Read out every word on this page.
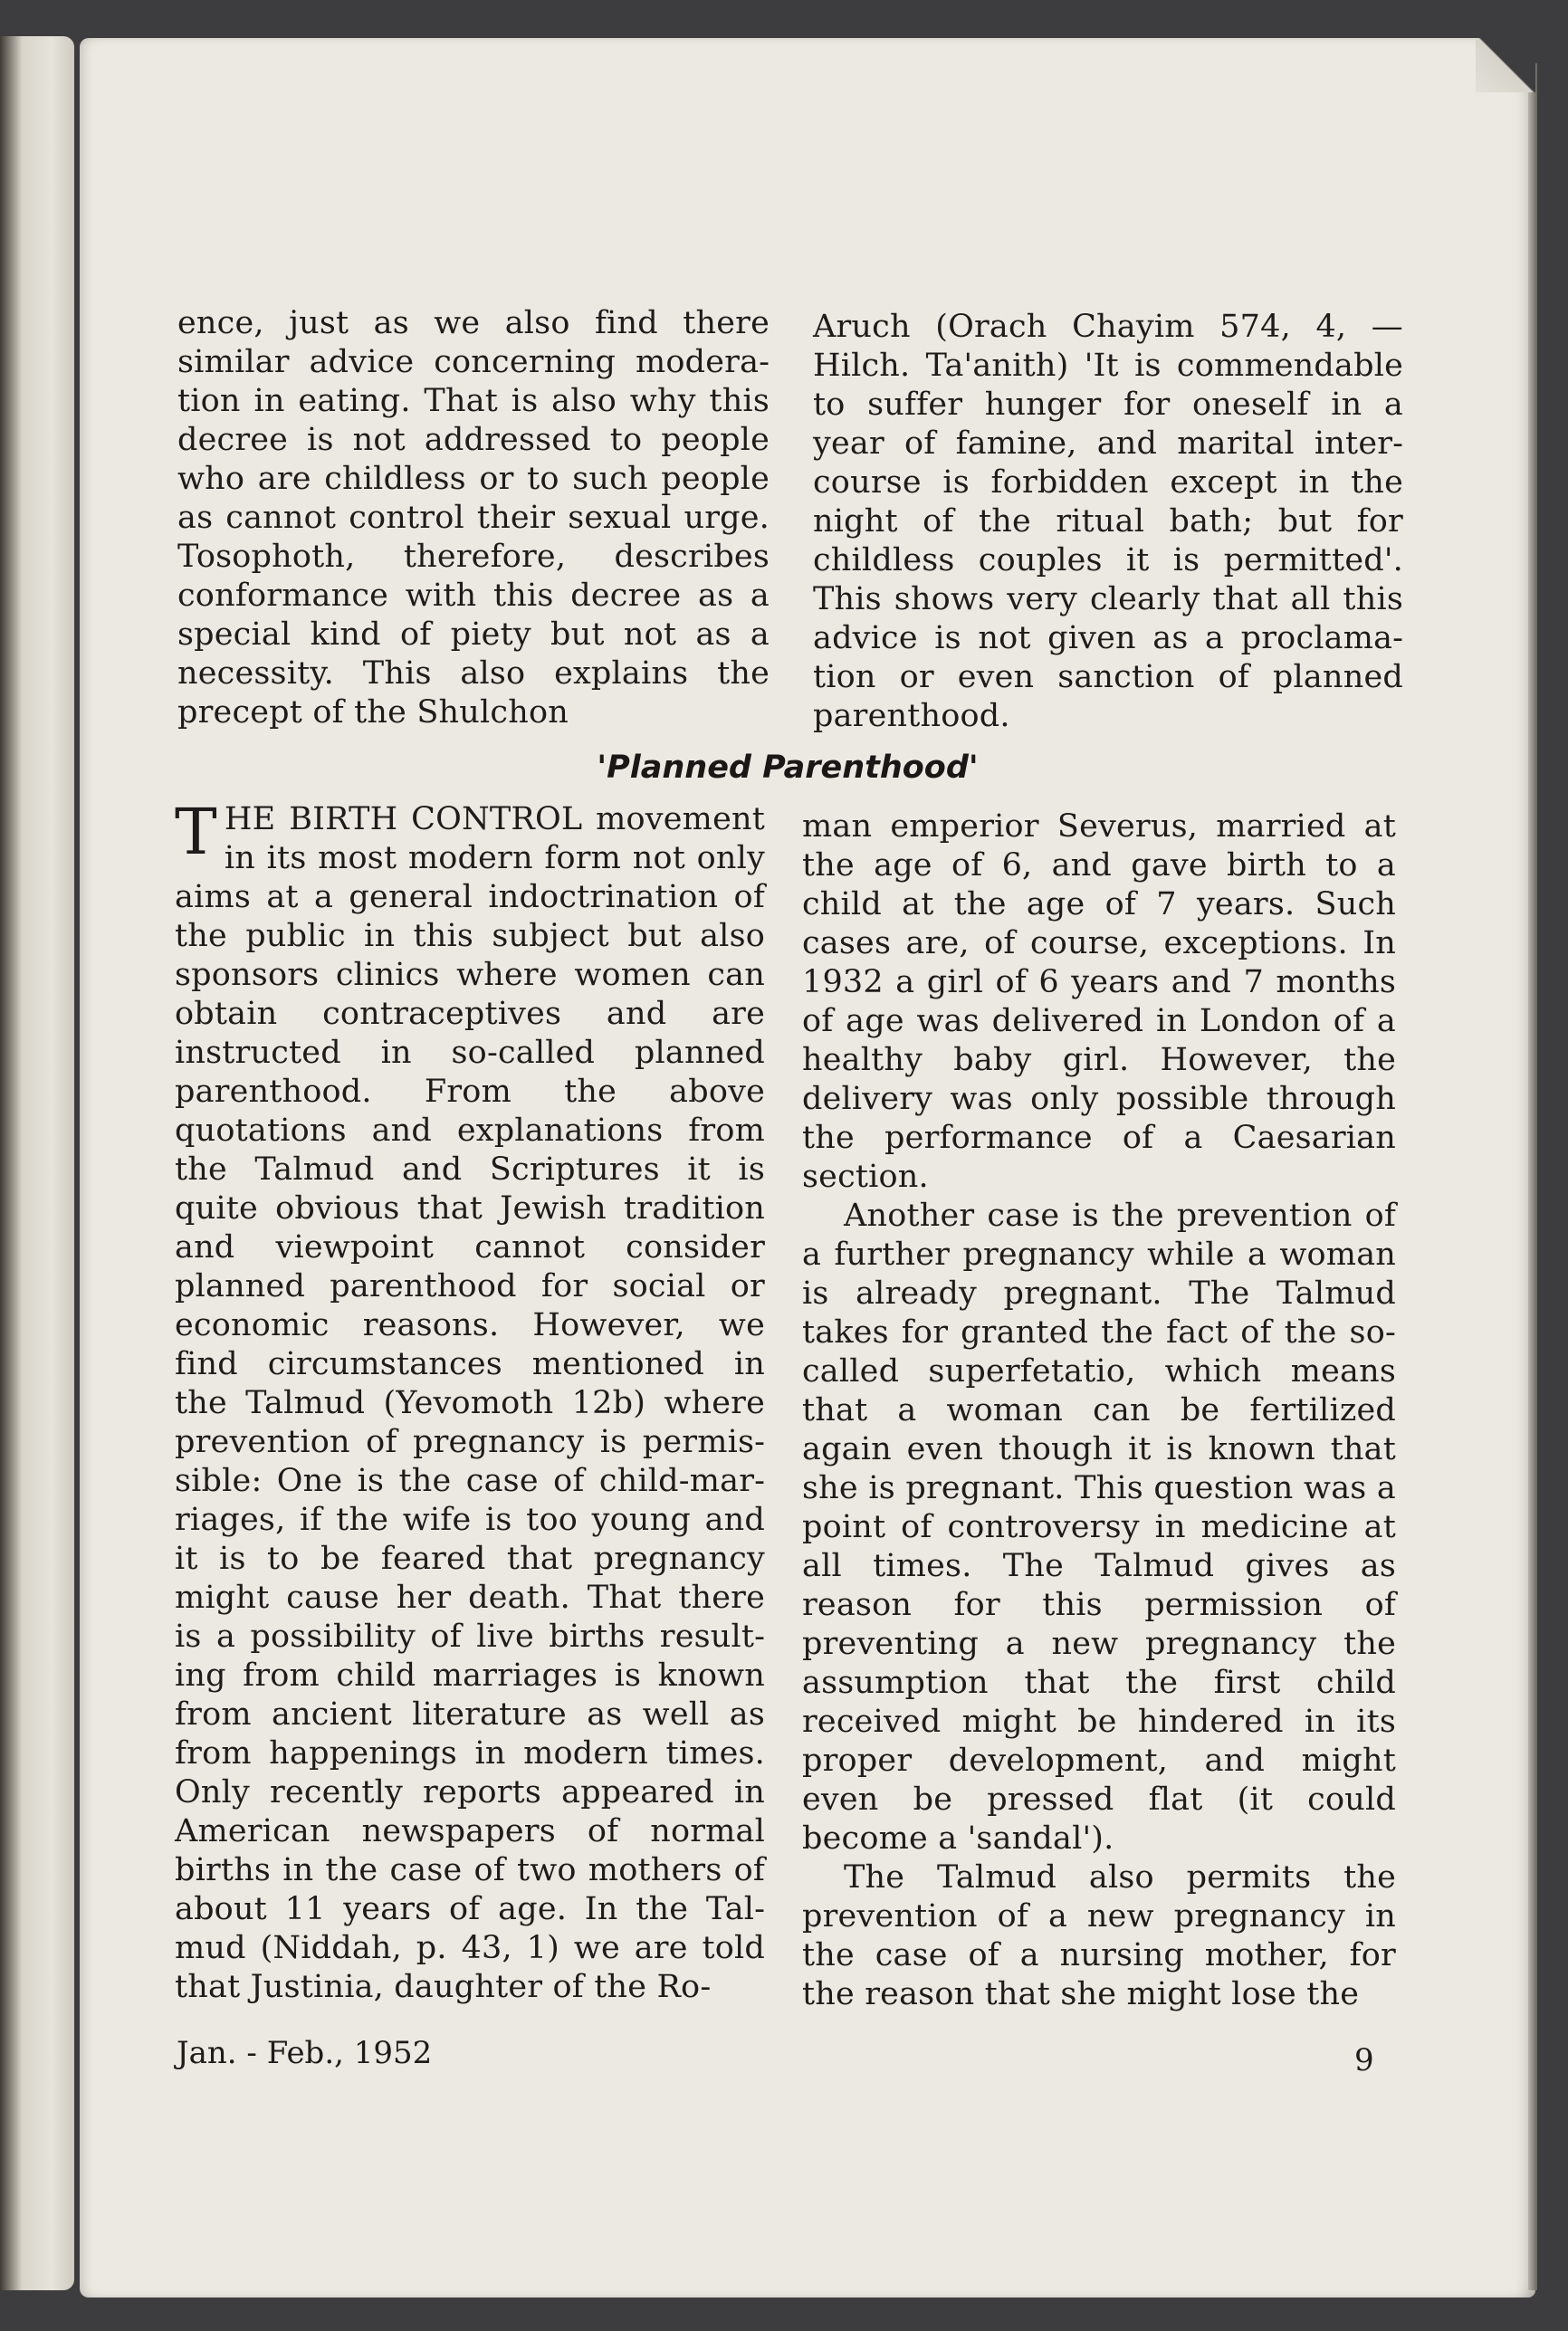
ence, just as we also find there similar advice concerning moderation in eating. That is also why this decree is not addressed to people who are childless or to such people as cannot control their sexual urge. Tosophoth, therefore, describes conformance with this decree as a special kind of piety but not as a necessity. This also explains the precept of the Shulchon

Aruch (Orach Chayim 574, 4, — Hilch. Ta'anith) 'It is commendable to suffer hunger for oneself in a year of famine, and marital intercourse is forbidden except in the night of the ritual bath; but for childless couples it is permitted'. This shows very clearly that all this advice is not given as a proclamation or even sanction of planned parenthood.

'Planned Parenthood'

THE BIRTH CONTROL movement in its most modern form not only aims at a general indoctrination of the public in this subject but also sponsors clinics where women can obtain contraceptives and are instructed in so-called planned parenthood. From the above quotations and explanations from the Talmud and Scriptures it is quite obvious that Jewish tradition and viewpoint cannot consider planned parenthood for social or economic reasons. However, we find circumstances mentioned in the Talmud (Yevomoth 12b) where prevention of pregnancy is permissible: One is the case of child-marriages, if the wife is too young and it is to be feared that pregnancy might cause her death. That there is a possibility of live births resulting from child marriages is known from ancient literature as well as from happenings in modern times. Only recently reports appeared in American newspapers of normal births in the case of two mothers of about 11 years of age. In the Talmud (Niddah, p. 43, 1) we are told that Justinia, daughter of the Ro-

man emperior Severus, married at the age of 6, and gave birth to a child at the age of 7 years. Such cases are, of course, exceptions. In 1932 a girl of 6 years and 7 months of age was delivered in London of a healthy baby girl. However, the delivery was only possible through the performance of a Caesarian section.

Another case is the prevention of a further pregnancy while a woman is already pregnant. The Talmud takes for granted the fact of the so-called superfetatio, which means that a woman can be fertilized again even though it is known that she is pregnant. This question was a point of controversy in medicine at all times. The Talmud gives as reason for this permission of preventing a new pregnancy the assumption that the first child received might be hindered in its proper development, and might even be pressed flat (it could become a 'sandal').

The Talmud also permits the prevention of a new pregnancy in the case of a nursing mother, for the reason that she might lose the

Jan. - Feb., 1952	9
